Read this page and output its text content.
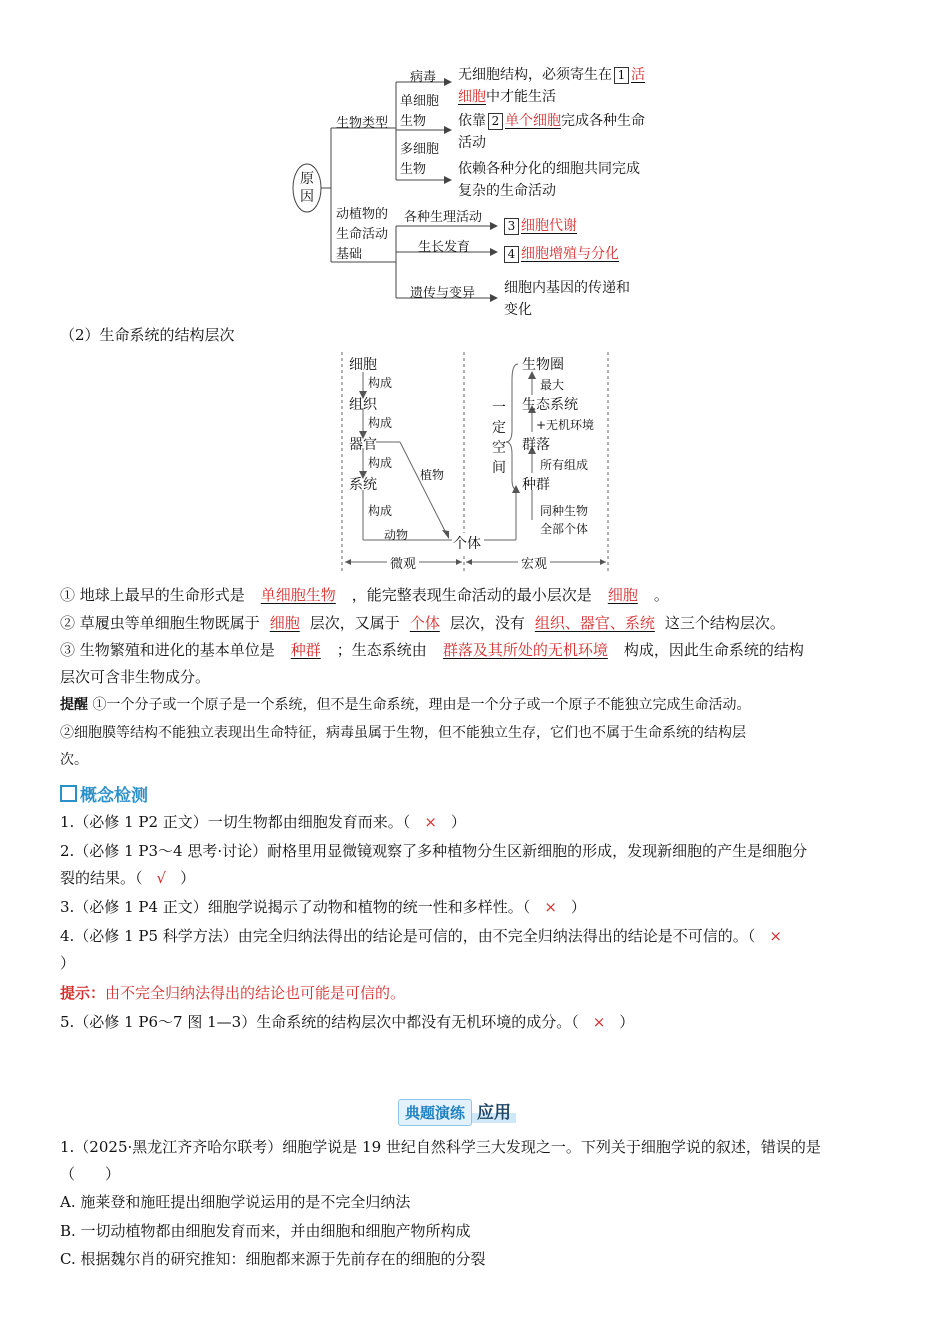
原
因
生物类型
病毒
单细胞
生物
多细胞
生物
无细胞结构，必须寄生在 1 活
细胞中才能生活
依靠 2 单个细胞完成各种生命
活动
依赖各种分化的细胞共同完成
复杂的生命活动
动植物的
生命活动
基础
各种生理活动
生长发育
遗传与变异
3 细胞代谢
4 细胞增殖与分化
细胞内基因的传递和
变化
（2）生命系统的结构层次
细胞
构成
组织
构成
器官
构成
植物
系统
构成
动物
个体
微观	宏观
生物圈
最大
生态系统
+无机环境
群落
所有组成
种群
同种生物
全部个体
一
定
空
间
① 地球上最早的生命形式是 单细胞生物 ，能完整表现生命活动的最小层次是 细胞 。
② 草履虫等单细胞生物既属于 细胞 层次，又属于 个体 层次，没有 组织、器官、系统 这三个结构层次。
③ 生物繁殖和进化的基本单位是 种群 ；生态系统由 群落及其所处的无机环境 构成，因此生命系统的结构
层次可含非生物成分。
提醒 ①一个分子或一个原子是一个系统，但不是生命系统，理由是一个分子或一个原子不能独立完成生命活动。
②细胞膜等结构不能独立表现出生命特征，病毒虽属于生物，但不能独立生存，它们也不属于生命系统的结构层
次。
概念检测
1.（必修 1 P2 正文）一切生物都由细胞发育而来。（ × ）
2.（必修 1 P3～4 思考·讨论）耐格里用显微镜观察了多种植物分生区新细胞的形成，发现新细胞的产生是细胞分
裂的结果。（ √ ）
3.（必修 1 P4 正文）细胞学说揭示了动物和植物的统一性和多样性。（ × ）
4.（必修 1 P5 科学方法）由完全归纳法得出的结论是可信的，由不完全归纳法得出的结论是不可信的。（ ×
）
提示：由不完全归纳法得出的结论也可能是可信的。
5.（必修 1 P6～7 图 1—3）生命系统的结构层次中都没有无机环境的成分。（ × ）
典题演练 应用
1.（2025·黑龙江齐齐哈尔联考）细胞学说是 19 世纪自然科学三大发现之一。下列关于细胞学说的叙述，错误的是
（　　）
A. 施莱登和施旺提出细胞学说运用的是不完全归纳法
B. 一切动植物都由细胞发育而来，并由细胞和细胞产物所构成
C. 根据魏尔肖的研究推知：细胞都来源于先前存在的细胞的分裂
